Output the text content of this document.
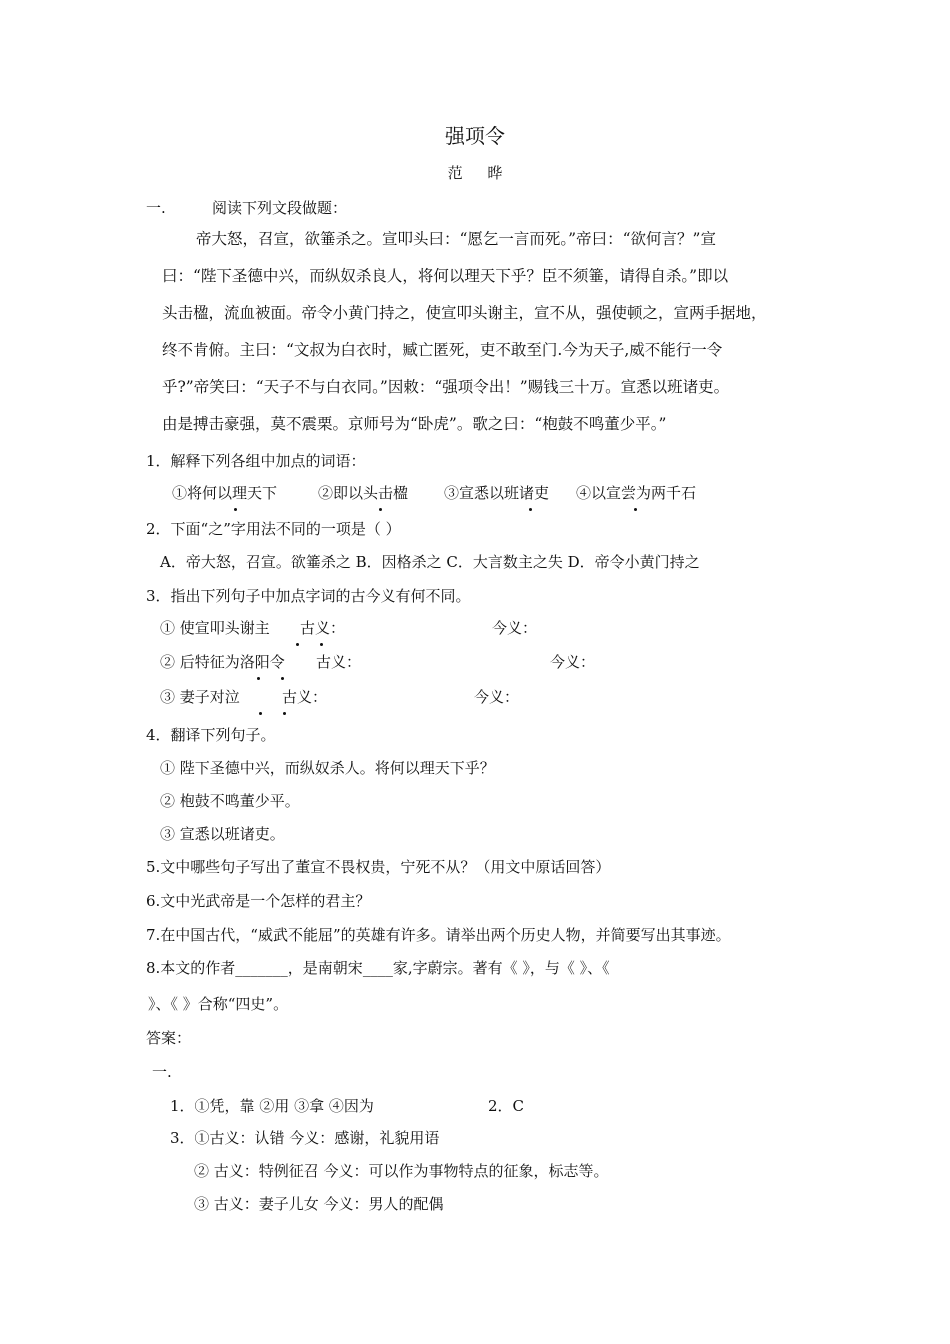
强项令
范 晔
一.	阅读下列文段做题：
帝大怒，召宣，欲箠杀之。宣叩头曰：“愿乞一言而死。”帝曰：“欲何言？”宣
曰：“陛下圣德中兴，而纵奴杀良人，将何以理天下乎？臣不须箠，请得自杀。”即以
头击楹，流血被面。帝令小黄门持之，使宣叩头谢主，宣不从，强使顿之，宣两手据地，
终不肯俯。主曰：“文叔为白衣时，臧亡匿死，吏不敢至门.今为天子,威不能行一令
乎?”帝笑曰：“天子不与白衣同。”因敕：“强项令出！”赐钱三十万。宣悉以班诸吏。
由是搏击豪强，莫不震栗。京师号为“卧虎”。歌之曰：“枹鼓不鸣董少平。”
1．解释下列各组中加点的词语：
①将何以理天下	②即以头击楹 ③宣悉以班诸吏 ④以宣尝为两千石

2．下面“之”字用法不同的一项是（ ）
A．帝大怒，召宣。欲箠杀之 B．因格杀之 C．大言数主之失 D．帝令小黄门持之
3．指出下列句子中加点字词的古今义有何不同。
① 使宣叩头谢主 古义：	今义：

② 后特征为洛阳令 古义：	今义：

③ 妻子对泣	古义：	今义：

4．翻译下列句子。
① 陛下圣德中兴，而纵奴杀人。将何以理天下乎？
② 枹鼓不鸣董少平。
③ 宣悉以班诸吏。
5.文中哪些句子写出了董宣不畏权贵，宁死不从？（用文中原话回答）
6.文中光武帝是一个怎样的君主？
7.在中国古代，“威武不能屈”的英雄有许多。请举出两个历史人物，并简要写出其事迹。
8.本文的作者_______，是南朝宋____家,字蔚宗。著有《 》，与《 》、《
》、《 》合称“四史”。
答案：
一.
1．①凭，靠 ②用 ③拿 ④因为	2．C
3．①古义：认错 今义：感谢，礼貌用语
② 古义：特例征召 今义：可以作为事物特点的征象，标志等。
③ 古义：妻子儿女 今义：男人的配偶
